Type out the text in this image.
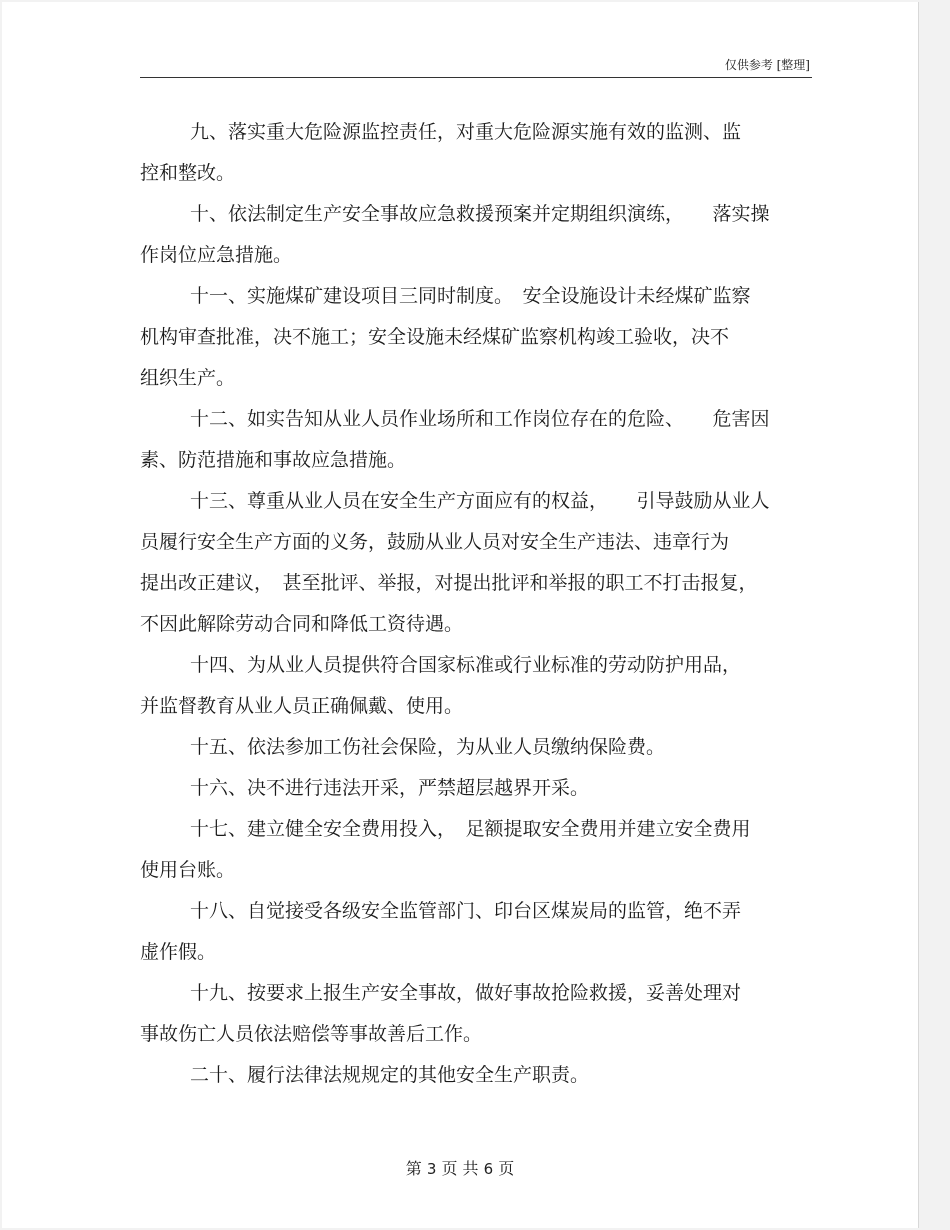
仅供参考 [整理]

九、落实重大危险源监控责任，对重大危险源实施有效的监测、监
控和整改。

十、依法制定生产安全事故应急救援预案并定期组织演练，　　落实操
作岗位应急措施。

十一、实施煤矿建设项目三同时制度。　安全设施设计未经煤矿监察
机构审查批准，决不施工；安全设施未经煤矿监察机构竣工验收，决不
组织生产。

十二、如实告知从业人员作业场所和工作岗位存在的危险、　　危害因
素、防范措施和事故应急措施。

十三、尊重从业人员在安全生产方面应有的权益，　　引导鼓励从业人
员履行安全生产方面的义务，鼓励从业人员对安全生产违法、违章行为
提出改正建议，　甚至批评、举报，对提出批评和举报的职工不打击报复，
不因此解除劳动合同和降低工资待遇。

十四、为从业人员提供符合国家标准或行业标准的劳动防护用品，
并监督教育从业人员正确佩戴、使用。

十五、依法参加工伤社会保险，为从业人员缴纳保险费。

十六、决不进行违法开采，严禁超层越界开采。

十七、建立健全安全费用投入，　足额提取安全费用并建立安全费用
使用台账。

十八、自觉接受各级安全监管部门、印台区煤炭局的监管，绝不弄
虚作假。

十九、按要求上报生产安全事故，做好事故抢险救援，妥善处理对
事故伤亡人员依法赔偿等事故善后工作。

二十、履行法律法规规定的其他安全生产职责。

第 3 页 共 6 页
